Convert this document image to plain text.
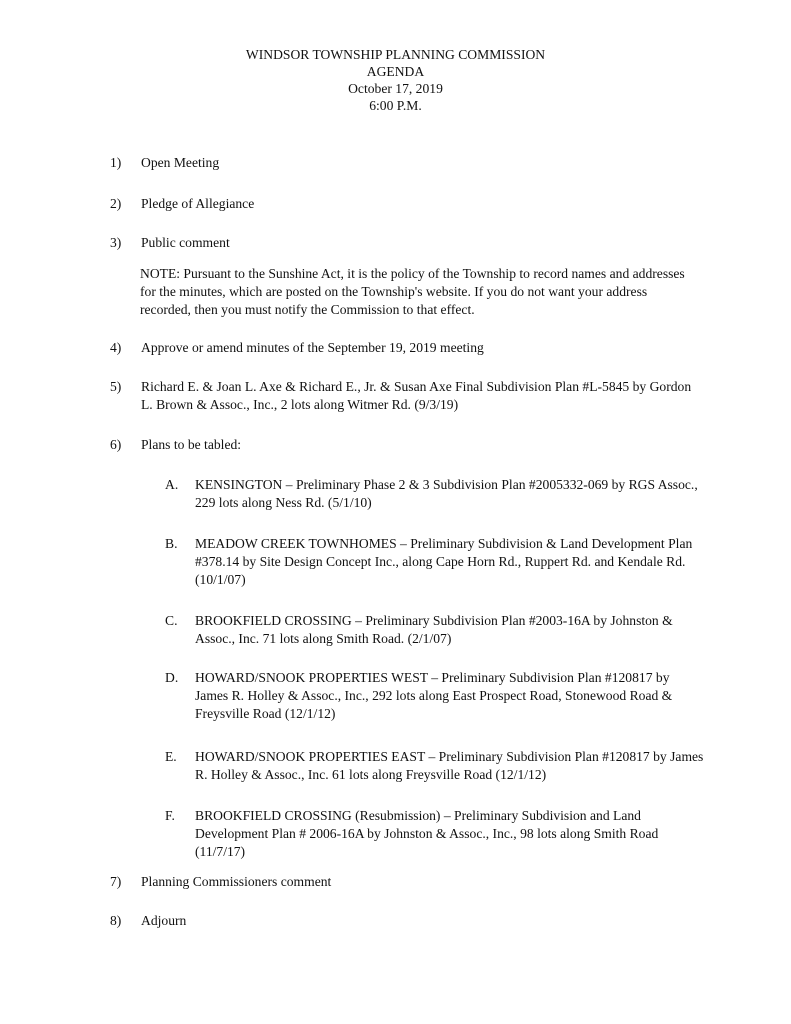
WINDSOR TOWNSHIP PLANNING COMMISSION
AGENDA
October 17, 2019
6:00 P.M.
1)	Open Meeting
2)	Pledge of Allegiance
3)	Public comment
NOTE: Pursuant to the Sunshine Act, it is the policy of the Township to record names and addresses for the minutes, which are posted on the Township's website. If you do not want your address recorded, then you must notify the Commission to that effect.
4)	Approve or amend minutes of the September 19, 2019 meeting
5)	Richard E. & Joan L. Axe & Richard E., Jr. & Susan Axe Final Subdivision Plan #L-5845 by Gordon L. Brown & Assoc., Inc., 2 lots along Witmer Rd. (9/3/19)
6)	Plans to be tabled:
A. KENSINGTON – Preliminary Phase 2 & 3 Subdivision Plan #2005332-069 by RGS Assoc., 229 lots along Ness Rd. (5/1/10)
B. MEADOW CREEK TOWNHOMES – Preliminary Subdivision & Land Development Plan #378.14 by Site Design Concept Inc., along Cape Horn Rd., Ruppert Rd. and Kendale Rd. (10/1/07)
C. BROOKFIELD CROSSING – Preliminary Subdivision Plan #2003-16A by Johnston & Assoc., Inc. 71 lots along Smith Road. (2/1/07)
D. HOWARD/SNOOK PROPERTIES WEST – Preliminary Subdivision Plan #120817 by James R. Holley & Assoc., Inc., 292 lots along East Prospect Road, Stonewood Road & Freysville Road (12/1/12)
E. HOWARD/SNOOK PROPERTIES EAST – Preliminary Subdivision Plan #120817 by James R. Holley & Assoc., Inc. 61 lots along Freysville Road (12/1/12)
F. BROOKFIELD CROSSING (Resubmission) – Preliminary Subdivision and Land Development Plan # 2006-16A by Johnston & Assoc., Inc., 98 lots along Smith Road (11/7/17)
7)	Planning Commissioners comment
8)	Adjourn
